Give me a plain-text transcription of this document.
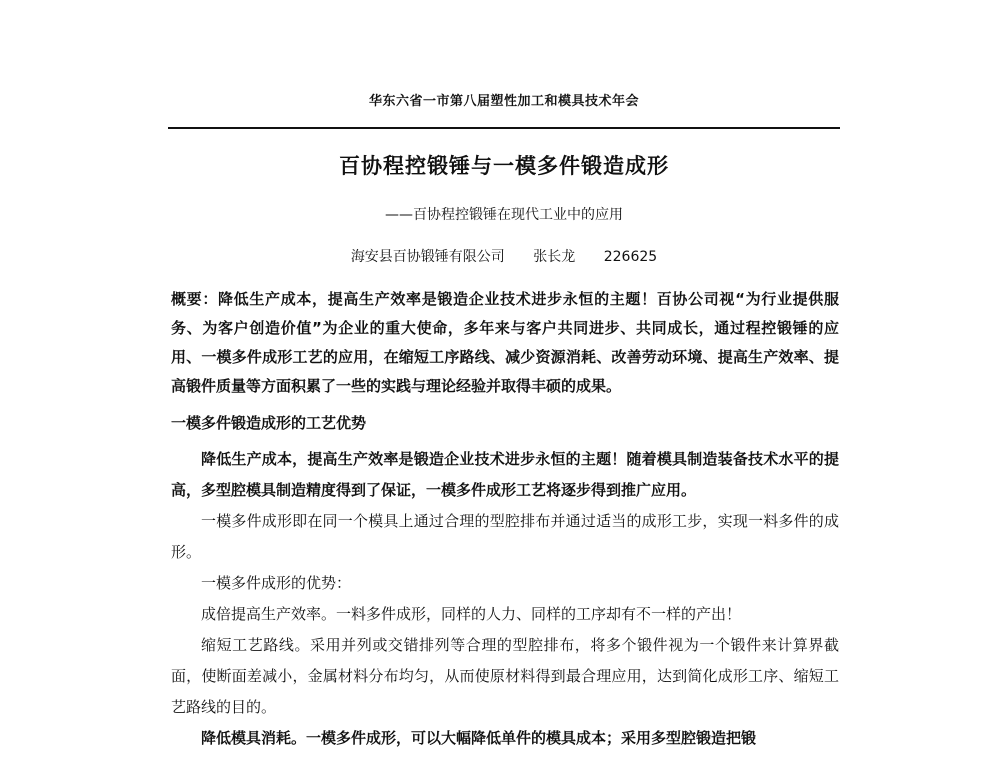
华东六省一市第八届塑性加工和模具技术年会
百协程控锻锤与一模多件锻造成形
——百协程控锻锤在现代工业中的应用
海安县百协锻锤有限公司 张长龙 226625
概要：降低生产成本，提高生产效率是锻造企业技术进步永恒的主题！百协公司视“为行业提供服务、为客户创造价值”为企业的重大使命，多年来与客户共同进步、共同成长，通过程控锻锤的应用、一模多件成形工艺的应用，在缩短工序路线、减少资源消耗、改善劳动环境、提高生产效率、提高锻件质量等方面积累了一些的实践与理论经验并取得丰硕的成果。
一模多件锻造成形的工艺优势

降低生产成本，提高生产效率是锻造企业技术进步永恒的主题！随着模具制造装备技术水平的提高，多型腔模具制造精度得到了保证，一模多件成形工艺将逐步得到推广应用。

一模多件成形即在同一个模具上通过合理的型腔排布并通过适当的成形工步，实现一料多件的成形。

一模多件成形的优势：

成倍提高生产效率。一料多件成形，同样的人力、同样的工序却有不一样的产出！

缩短工艺路线。采用并列或交错排列等合理的型腔排布，将多个锻件视为一个锻件来计算界截面，使断面差减小，金属材料分布均匀，从而使原材料得到最合理应用，达到简化成形工序、缩短工艺路线的目的。

降低模具消耗。一模多件成形，可以大幅降低单件的模具成本；采用多型腔锻造把锻
